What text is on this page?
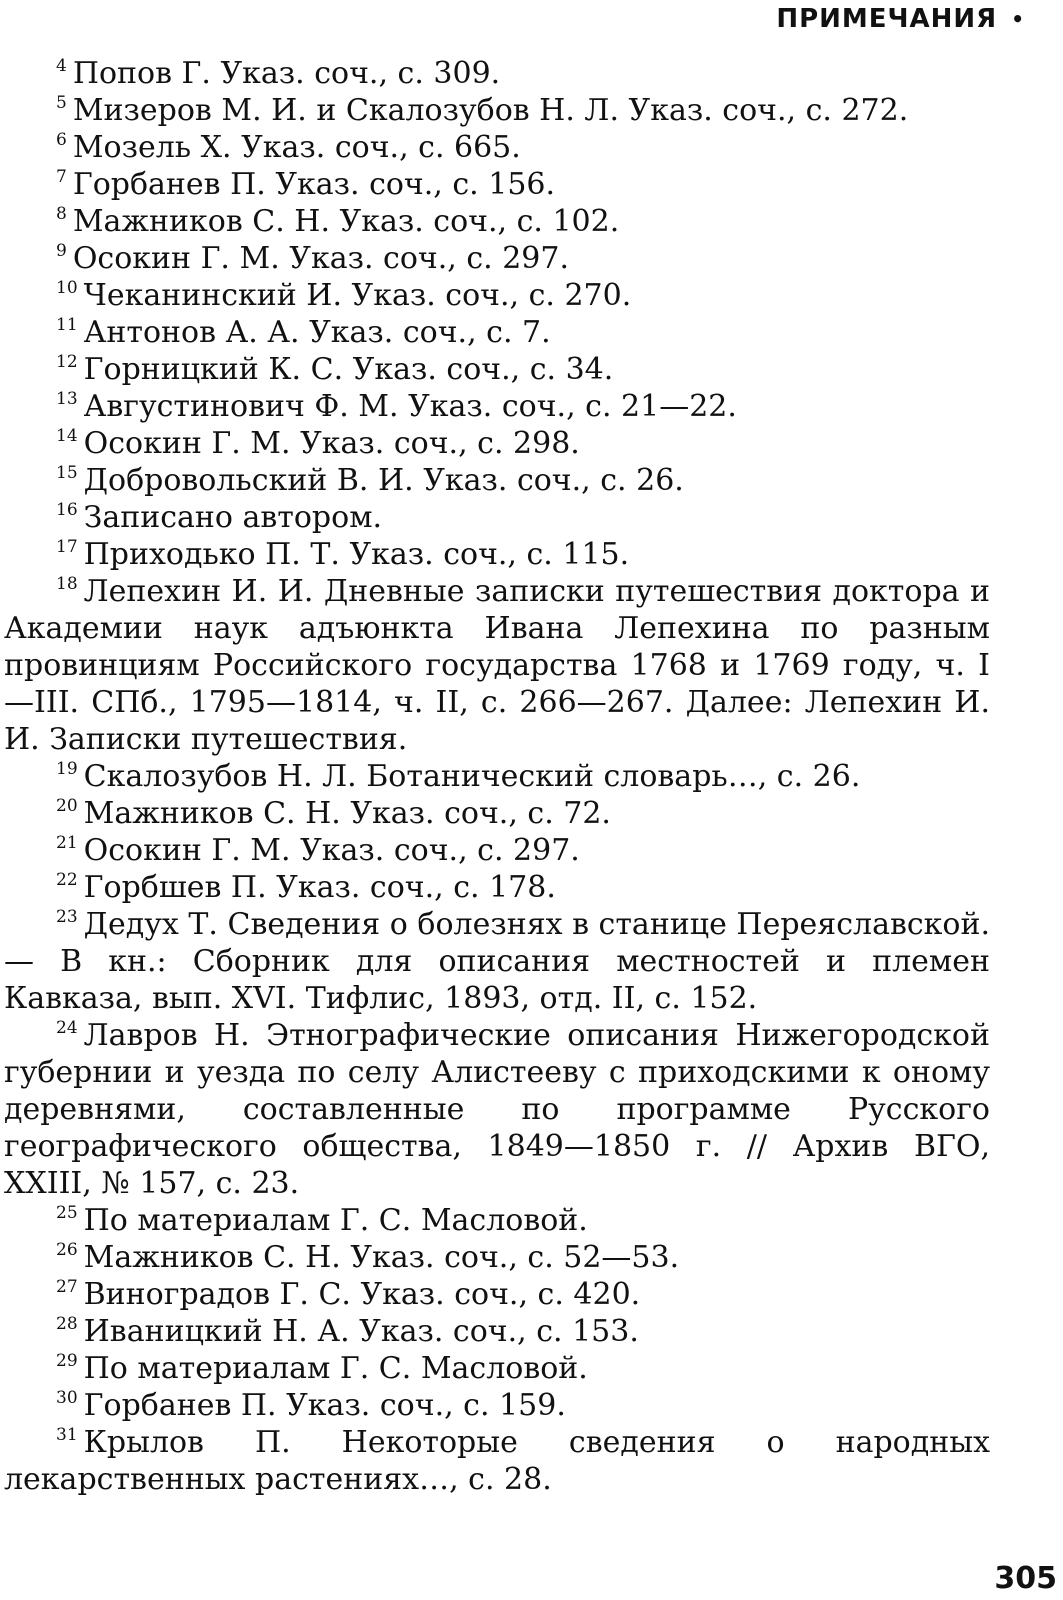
ПРИМЕЧАНИЯ •

$^4$ Попов Г. Указ. соч., с. 309.

$^5$ Мизеров М. И. и Скалозубов Н. Л. Указ. соч., с. 272.

$^6$ Мозель Х. Указ. соч., с. 665.

$^7$ Горбанев П. Указ. соч., с. 156.

$^8$ Мажников С. Н. Указ. соч., с. 102.

$^9$ Осокин Г. М. Указ. соч., с. 297.

$^{10}$ Чеканинский И. Указ. соч., с. 270.

$^{11}$ Антонов А. А. Указ. соч., с. 7.

$^{12}$ Горницкий К. С. Указ. соч., с. 34.

$^{13}$ Августинович Ф. М. Указ. соч., с. 21—22.

$^{14}$ Осокин Г. М. Указ. соч., с. 298.

$^{15}$ Добровольский В. И. Указ. соч., с. 26.

$^{16}$ Записано автором.

$^{17}$ Приходько П. Т. Указ. соч., с. 115.

$^{18}$ Лепехин И. И. Дневные записки путешествия доктора и Академии наук адъюнкта Ивана Лепехина по разным провинциям Российского государства 1768 и 1769 году, ч. I—III. СПб., 1795—1814, ч. II, с. 266—267. Далее: Лепехин И. И. Записки путешествия.

$^{19}$ Скалозубов Н. Л. Ботанический словарь…, с. 26.

$^{20}$ Мажников С. Н. Указ. соч., с. 72.

$^{21}$ Осокин Г. М. Указ. соч., с. 297.

$^{22}$ Горбшев П. Указ. соч., с. 178.

$^{23}$ Дедух Т. Сведения о болезнях в станице Переяславской. — В кн.: Сборник для описания местностей и племен Кавказа, вып. XVI. Тифлис, 1893, отд. II, с. 152.

$^{24}$ Лавров Н. Этнографические описания Нижегородской губернии и уезда по селу Алистееву с приходскими к оному деревнями, составленные по программе Русского географического общества, 1849—1850 г. // Архив ВГО, XXIII, № 157, с. 23.

$^{25}$ По материалам Г. С. Масловой.

$^{26}$ Мажников С. Н. Указ. соч., с. 52—53.

$^{27}$ Виноградов Г. С. Указ. соч., с. 420.

$^{28}$ Иваницкий Н. А. Указ. соч., с. 153.

$^{29}$ По материалам Г. С. Масловой.

$^{30}$ Горбанев П. Указ. соч., с. 159.

$^{31}$ Крылов П. Некоторые сведения о народных лекарственных растениях…, с. 28.

305
